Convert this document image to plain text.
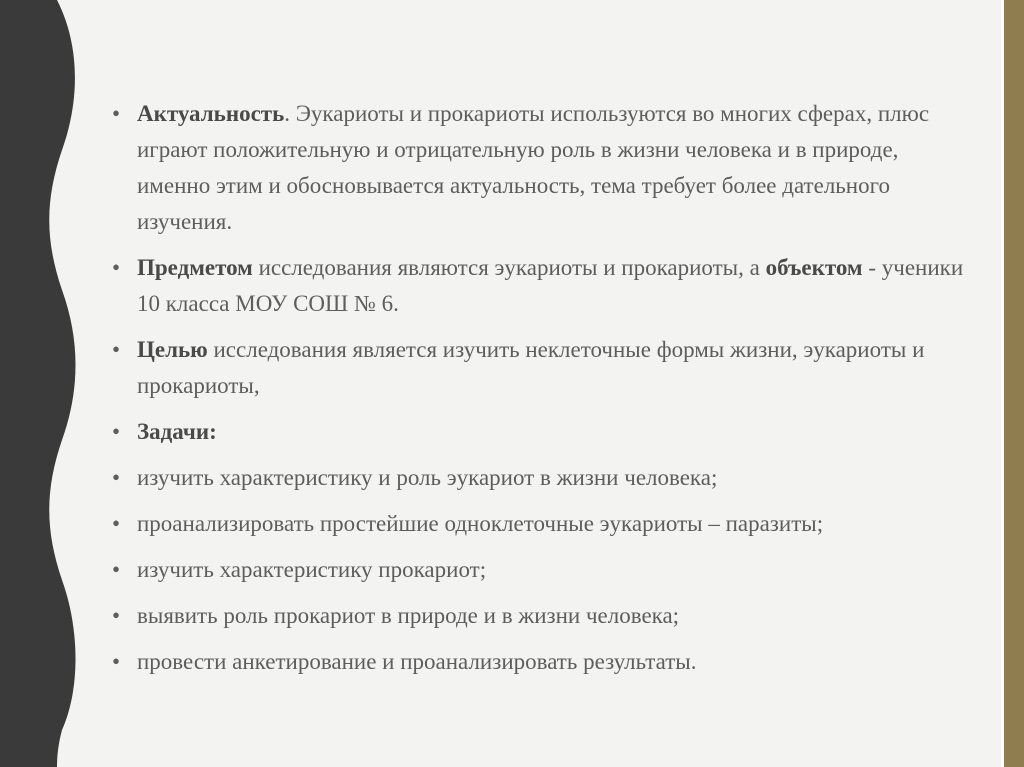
• Актуальность. Эукариоты и прокариоты используются во многих сферах, плюс играют положительную и отрицательную роль в жизни человека и в природе, именно этим и обосновывается актуальность, тема требует более дательного изучения.
• Предметом исследования являются эукариоты и прокариоты, а объектом - ученики 10 класса МОУ СОШ № 6.
• Целью исследования является изучить неклеточные формы жизни, эукариоты и прокариоты,
• Задачи:
• изучить характеристику и роль эукариот в жизни человека;
• проанализировать простейшие одноклеточные эукариоты – паразиты;
• изучить характеристику прокариот;
• выявить роль прокариот в природе и в жизни человека;
• провести анкетирование и проанализировать результаты.
